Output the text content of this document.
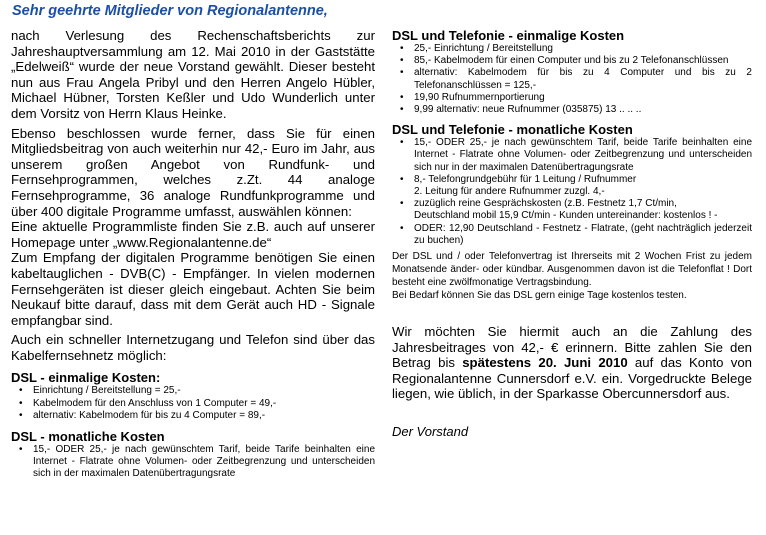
Sehr geehrte Mitglieder von Regionalantenne,

nach Verlesung des Rechenschaftsberichts zur Jahreshauptversammlung am 12. Mai 2010 in der Gaststätte „Edelweiß“ wurde der neue Vorstand gewählt. Dieser besteht nun aus Frau Angela Pribyl und den Herren Angelo Hübler, Michael Hübner, Torsten Keßler und Udo Wunderlich unter dem Vorsitz von Herrn Klaus Heinke.

Ebenso beschlossen wurde ferner, dass Sie für einen Mitgliedsbeitrag von auch weiterhin nur 42,- Euro im Jahr, aus unserem großen Angebot von Rundfunk- und Fernsehprogrammen, welches z.Zt. 44 analoge Fernsehprogramme, 36 analoge Rundfunkprogramme und über 400 digitale Programme umfasst, auswählen können:

Eine aktuelle Programmliste finden Sie z.B. auch auf unserer Homepage unter „www.Regionalantenne.de“

Zum Empfang der digitalen Programme benötigen Sie einen kabeltauglichen - DVB(C) - Empfänger. In vielen modernen Fernsehgeräten ist dieser gleich eingebaut. Achten Sie beim Neukauf bitte darauf, dass mit dem Gerät auch HD - Signale empfangbar sind.

Auch ein schneller Internetzugang und Telefon sind über das Kabelfernsehnetz möglich:

DSL - einmalige Kosten:
• Einrichtung / Bereitstellung = 25,-
• Kabelmodem für den Anschluss von 1 Computer = 49,-
• alternativ: Kabelmodem für bis zu 4 Computer = 89,-
DSL - monatliche Kosten
• 15,- ODER 25,- je nach gewünschtem Tarif, beide Tarife beinhalten eine Internet - Flatrate ohne Volumen- oder Zeitbegrenzung und unterscheiden sich in der maximalen Datenübertragungsrate
DSL und Telefonie - einmalige Kosten
• 25,- Einrichtung / Bereitstellung
• 85,- Kabelmodem für einen Computer und bis zu 2 Telefonanschlüssen
• alternativ: Kabelmodem für bis zu 4 Computer und bis zu 2 Telefonanschlüssen = 125,-
• 19,90 Rufnummernportierung
• 9,99 alternativ: neue Rufnummer (035875) 13 .. .. ..
DSL und Telefonie - monatliche Kosten
• 15,- ODER 25,- je nach gewünschtem Tarif, beide Tarife beinhalten eine Internet - Flatrate ohne Volumen- oder Zeitbegrenzung und unterscheiden sich nur in der maximalen Datenübertragungsrate
• 8,- Telefongrundgebühr für 1 Leitung / Rufnummer
2. Leitung für andere Rufnummer zuzgl. 4,-
• zuzüglich reine Gesprächskosten (z.B. Festnetz 1,7 Ct/min,
Deutschland mobil 15,9 Ct/min - Kunden untereinander: kostenlos ! -
• ODER: 12,90 Deutschland - Festnetz - Flatrate, (geht nachträglich jederzeit zu buchen)

Der DSL und / oder Telefonvertrag ist Ihrerseits mit 2 Wochen Frist zu jedem Monatsende änder- oder kündbar. Ausgenommen davon ist die Telefonflat ! Dort besteht eine zwölfmonatige Vertragsbindung.

Bei Bedarf können Sie das DSL gern einige Tage kostenlos testen.

Wir möchten Sie hiermit auch an die Zahlung des Jahresbeitrages von 42,- € erinnern. Bitte zahlen Sie den Betrag bis spätestens 20. Juni 2010 auf das Konto von Regionalantenne Cunnersdorf e.V. ein. Vorgedruckte Belege liegen, wie üblich, in der Sparkasse Obercunnersdorf aus.

Der Vorstand
